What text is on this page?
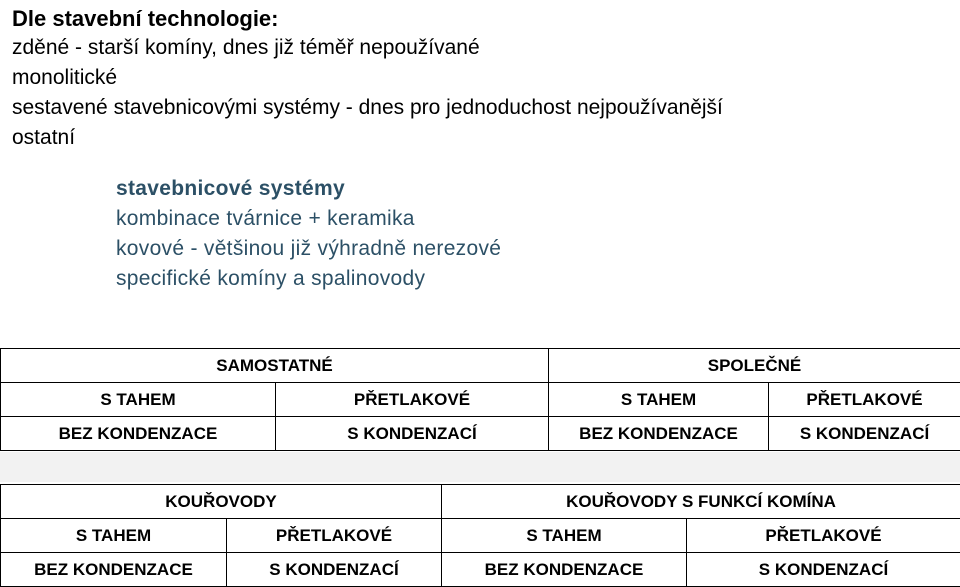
Dle stavební technologie:
zděné - starší komíny, dnes již téměř nepoužívané
monolitické
sestavené stavebnicovými systémy - dnes pro jednoduchost nejpoužívanější
ostatní
stavebnicové systémy
kombinace tvárnice + keramika
kovové - většinou již výhradně nerezové
specifické komíny a spalinovody
SAMOSTATNÉ		SPOLEČNÉ	
S TAHEM	PŘETLAKOVÉ	S TAHEM	PŘETLAKOVÉ
BEZ KONDENZACE	S KONDENZACÍ	BEZ KONDENZACE	S KONDENZACÍ
KOUŘOVODY		KOUŘOVODY S FUNKCÍ KOMÍNA	
S TAHEM	PŘETLAKOVÉ	S TAHEM	PŘETLAKOVÉ
BEZ KONDENZACE	S KONDENZACÍ	BEZ KONDENZACE	S KONDENZACÍ
